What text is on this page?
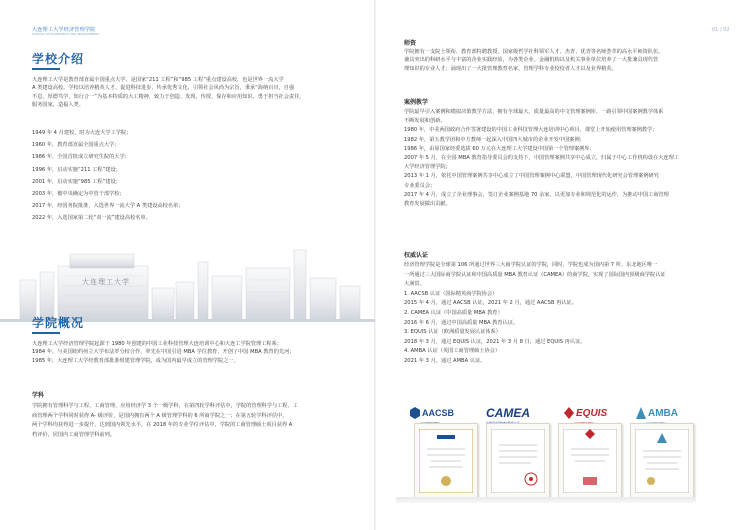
大连理工大学经济管理学院
SCHOOL OF ECONOMICS AND MANAGEMENT
01 / 02
学校介绍
大连理工大学是教育部直属全国重点大学，是国家“211 工程”和“985 工程”重点建设高校，也是世界一流大学
A 类建设高校。学校以培养精英人才、促进科技进步、传承优秀文化、引领社会风尚为宗旨，秉承“海纳百川，自强
不息，厚德笃学，知行合一”为基本特质的大工精神，致力于创造、发现、传授、保存和应用知识，勇于担当社会责任，
服务国家，造福人类。
1949 年 4 月建校，时为大连大学工学院；
1960 年，教育部直属全国重点大学；
1986 年，全国首批成立研究生院的大学；
1996 年，启动实施“211 工程”建设；
2001 年，启动实施“985 工程”建设；
2003 年，被中央确定为中管干部学校；
2017 年，经国务院批准，入选世界一流大学 A 类建设高校名单；
2022 年，入选国家第二轮“双一流”建设高校名单。
大连理工大学
学院概况
大连理工大学经济管理学院起源于 1980 年创建的中国工业科技管理大连培训中心和大连工学院管理工程系；
1984 年，与美国纽约州立大学布法罗分校合作，率先在中国引进 MBA 学位教育，开创了中国 MBA 教育的先河；
1985 年，大连理工大学经教育部批准组建管理学院，成为国内最早成立的管理学院之一。
学科
学院拥有管理科学与工程、工商管理、应用经济学 3 个一级学科，在第四轮学科评估中，学院的管理科学与工程、工
商管理两个学科同时获得 A- 级评价，是国内拥有两个 A 级管理学科的 6 所商学院之一；在第五轮学科评估中，
两个学科均获得进一步提升，达到国内领先水平。在 2018 年的专业学位评估中，学院的工商管理硕士项目获得 A
档评价，居国内工商管理学科前列。
师资
学院拥有一支院士领衔、教育部特聘教授、国家级哲学社科领军人才、杰青、优青等名师荟萃的高水平师资队伍。
兼具突出的科研水平与丰富的企业实践经验，为各类企业、金融机构以及机关事业单位培养了一大批兼具现代管
理知识的专业人才；涌现出了一大批管理教育名家、管理学科专业佼佼者人才以及业界精英。
案例教学
学院最早引入案例和模拟决策教学方法，拥有全球最大、质量最高的中文管理案例库，一路引领中国案例教学体系
不断发展和创新。
1980 年，中美两国政府合作签署建设的中国工业科技管理大连培训中心项目，课堂上开始使用管理案例教学；
1982 年，第五教学团和中方教师一起深入中国四大城市的企业开发中国案例；
1986 年，由原国家经委选拔 60 万元在大连理工大学建设中国第一个管理案例库；
2007 年 5 月，在全国 MBA 教育指导委员会的支持下，中国管理案例共享中心成立，归属于中心工作机构设在大连理工
大学经济管理学院；
2013 年 1 月，依托中国管理案例共享中心成立了中国管理案例中心联盟，中国管理现代化研究会管理案例研究
专业委员会；
2017 年 4 月，成立了企业理事会，签订企业案例基地 70 余家，以更加专业和规范化的运作，为推动中国工商管理
教育发展做出贡献。
权威认证
经济管理学院是全球第 106 所通过世界三大商学院认证的学院，同时，学院也成为国内第 7 所、东北地区唯一
一所通过三大国际商学院认证和中国高质量 MBA 教育认证（CAMEA）的商学院。实现了国际国内顶级商学院认证
大满贯。
1. AACSB 认证（国际精英商学院协会）
2015 年 4 月，通过 AACSB 认证，2021 年 2 月，通过 AACSB 再认证。
2. CAMEA 认证（中国高质量 MBA 教育）
2016 年 6 月，通过中国高质量 MBA 教育认证。
3. EQUIS 认证（欧洲质量发展认证体系）
2018 年 3 月，通过 EQUIS 认证，2021 年 3 月 8 日，通过 EQUIS 再认证。
4. AMBA 认证（英国工商管理硕士协会）
2021 年 3 月，通过 AMBA 认证。
AACSB	CAMEA	EQUIS	AMBA
